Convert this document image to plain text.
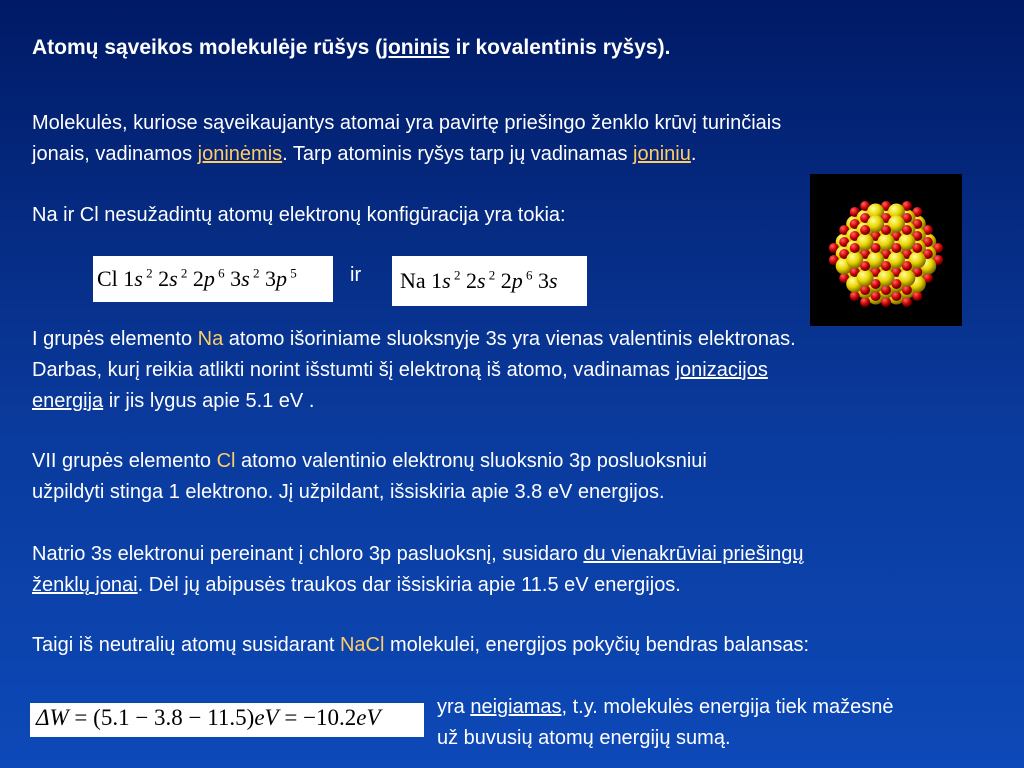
Atomų sąveikos molekulėje rūšys (joninis ir kovalentinis ryšys).
Molekulės, kuriose sąveikaujantys atomai yra pavirtę priešingo ženklo krūvį turinčiais
jonais, vadinamos joninėmis. Tarp atominis ryšys tarp jų vadinamas joniniu.
Na ir Cl nesužadintų atomų elektronų konfigūracija yra tokia:
Cl 1s $^2$ 2s $^2$ 2p $^6$ 3s $^2$ 3p $^5$	ir	Na 1s $^2$ 2s $^2$ 2p $^6$ 3s
I grupės elemento Na atomo išoriniame sluoksnyje 3s yra vienas valentinis elektronas.
Darbas, kurį reikia atlikti norint išstumti šį elektroną iš atomo, vadinamas jonizacijos
energija ir jis lygus apie 5.1 eV .
VII grupės elemento Cl atomo valentinio elektronų sluoksnio 3p posluoksniui
užpildyti stinga 1 elektrono. Jį užpildant, išsiskiria apie 3.8 eV energijos.
Natrio 3s elektronui pereinant į chloro 3p pasluoksnį, susidaro du vienakrūviai priešingų
ženklų jonai. Dėl jų abipusės traukos dar išsiskiria apie 11.5 eV energijos.
Taigi iš neutralių atomų susidarant NaCl molekulei, energijos pokyčių bendras balansas:
ΔW = (5.1 − 3.8 − 11.5)eV = −10.2eV	yra neigiamas, t.y. molekulės energija tiek mažesnė
už buvusių atomų energijų sumą.
